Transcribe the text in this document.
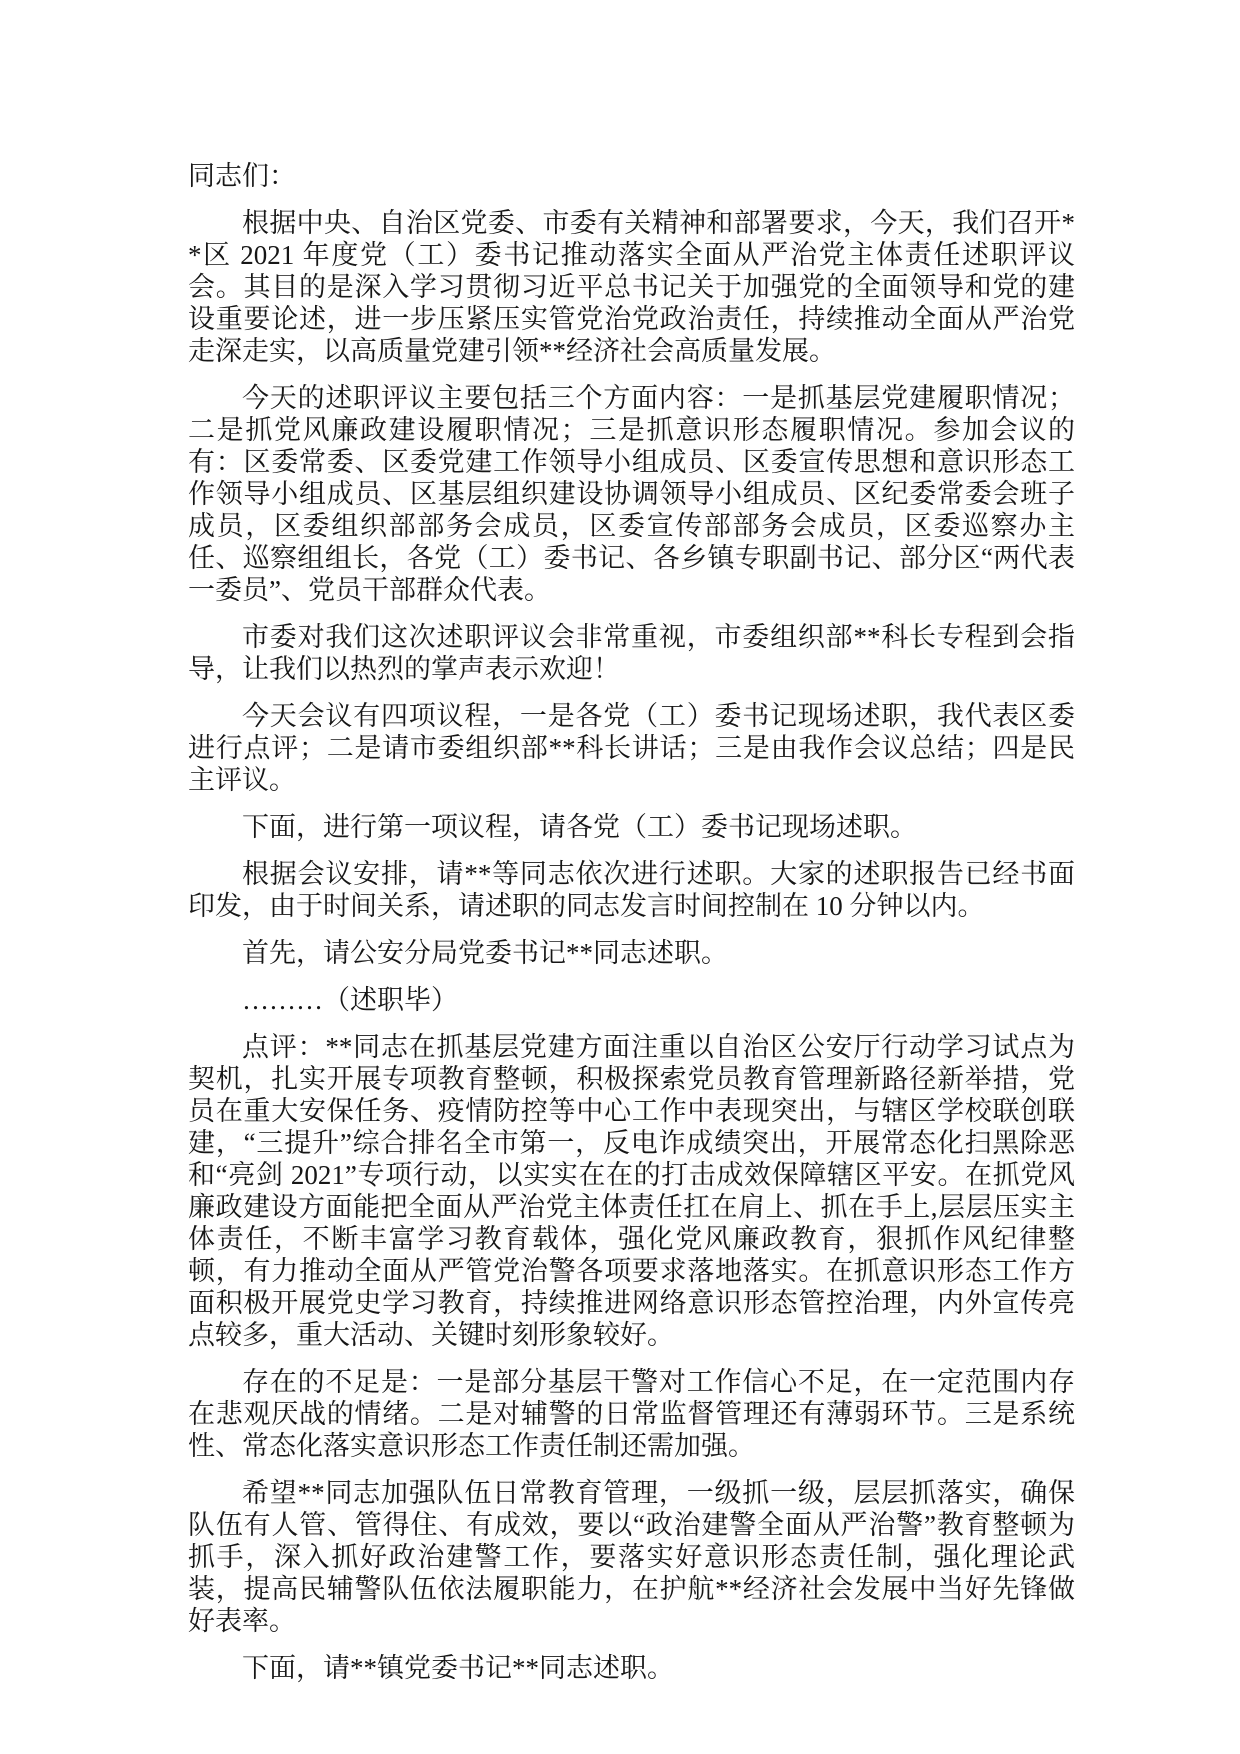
同志们：

根据中央、自治区党委、市委有关精神和部署要求，今天，我们召开**区 2021 年度党（工）委书记推动落实全面从严治党主体责任述职评议会。其目的是深入学习贯彻习近平总书记关于加强党的全面领导和党的建设重要论述，进一步压紧压实管党治党政治责任，持续推动全面从严治党走深走实，以高质量党建引领**经济社会高质量发展。

今天的述职评议主要包括三个方面内容：一是抓基层党建履职情况；二是抓党风廉政建设履职情况；三是抓意识形态履职情况。参加会议的有：区委常委、区委党建工作领导小组成员、区委宣传思想和意识形态工作领导小组成员、区基层组织建设协调领导小组成员、区纪委常委会班子成员，区委组织部部务会成员，区委宣传部部务会成员，区委巡察办主任、巡察组组长，各党（工）委书记、各乡镇专职副书记、部分区“两代表一委员”、党员干部群众代表。

市委对我们这次述职评议会非常重视，市委组织部**科长专程到会指导，让我们以热烈的掌声表示欢迎！

今天会议有四项议程，一是各党（工）委书记现场述职，我代表区委进行点评；二是请市委组织部**科长讲话；三是由我作会议总结；四是民主评议。

下面，进行第一项议程，请各党（工）委书记现场述职。

根据会议安排，请**等同志依次进行述职。大家的述职报告已经书面印发，由于时间关系，请述职的同志发言时间控制在 10 分钟以内。

首先，请公安分局党委书记**同志述职。

………（述职毕）

点评：**同志在抓基层党建方面注重以自治区公安厅行动学习试点为契机，扎实开展专项教育整顿，积极探索党员教育管理新路径新举措，党员在重大安保任务、疫情防控等中心工作中表现突出，与辖区学校联创联建，“三提升”综合排名全市第一，反电诈成绩突出，开展常态化扫黑除恶和“亮剑 2021”专项行动，以实实在在的打击成效保障辖区平安。在抓党风廉政建设方面能把全面从严治党主体责任扛在肩上、抓在手上,层层压实主体责任，不断丰富学习教育载体，强化党风廉政教育，狠抓作风纪律整顿，有力推动全面从严管党治警各项要求落地落实。在抓意识形态工作方面积极开展党史学习教育，持续推进网络意识形态管控治理，内外宣传亮点较多，重大活动、关键时刻形象较好。

存在的不足是：一是部分基层干警对工作信心不足，在一定范围内存在悲观厌战的情绪。二是对辅警的日常监督管理还有薄弱环节。三是系统性、常态化落实意识形态工作责任制还需加强。

希望**同志加强队伍日常教育管理，一级抓一级，层层抓落实，确保队伍有人管、管得住、有成效，要以“政治建警全面从严治警”教育整顿为抓手，深入抓好政治建警工作，要落实好意识形态责任制，强化理论武装，提高民辅警队伍依法履职能力，在护航**经济社会发展中当好先锋做好表率。

下面，请**镇党委书记**同志述职。
